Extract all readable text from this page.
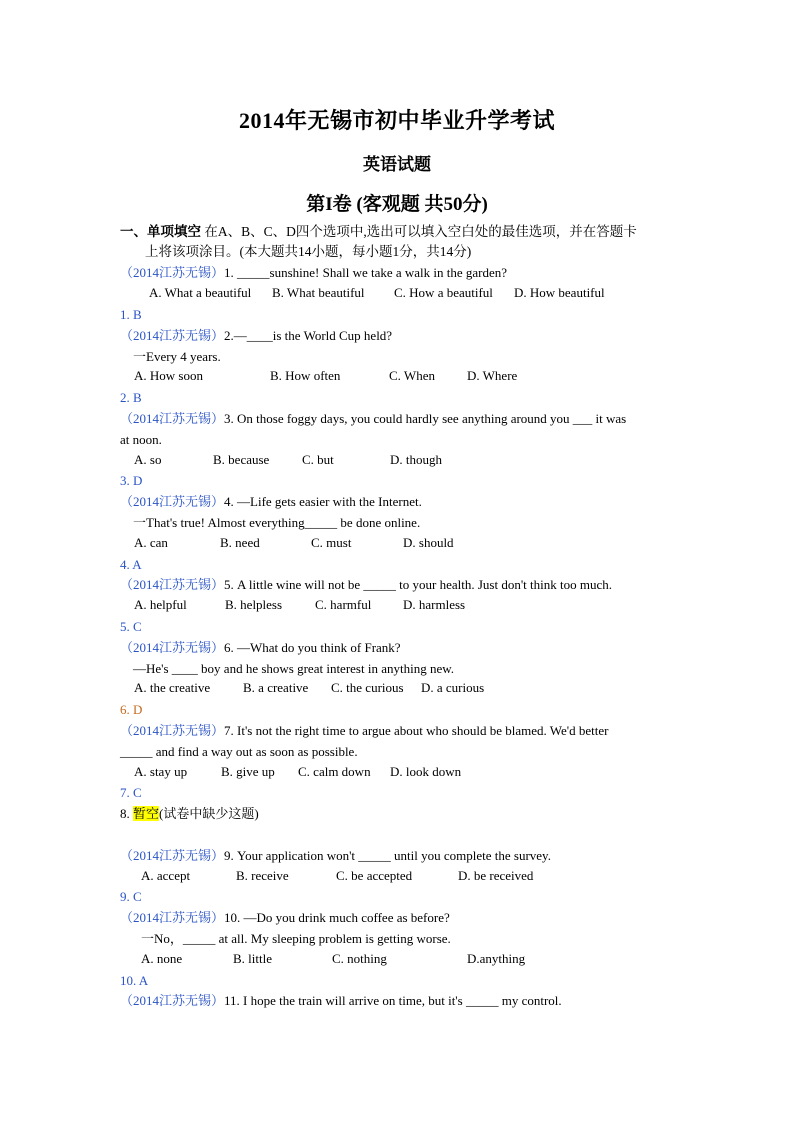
2014年无锡市初中毕业升学考试
英语试题
第I卷 (客观题 共50分)
一、单项填空 在A、B、C、D四个选项中,选出可以填入空白处的最佳选项，并在答题卡
上将该项涂目。(本大题共14小题，每小题1分，共14分)
（2014江苏无锡）1. _____sunshine! Shall we take a walk in the garden?
A. What a beautiful B. What beautiful C. How a beautiful D. How beautiful
1. B
（2014江苏无锡）2.—____is the World Cup held?
一Every 4 years.
A. How soon	B. How often	C. When D. Where
2. B
（2014江苏无锡）3. On those foggy days, you could hardly see anything around you ___ it was
at noon.
A. so	B. because	C. but	D. though
3. D
（2014江苏无锡）4. —Life gets easier with the Internet.
一That's true! Almost everything_____ be done online.
A. can	B. need	C. must	D. should
4. A
（2014江苏无锡）5. A little wine will not be _____ to your health. Just don't think too much.
A. helpful	B. helpless	C. harmful D. harmless
5. C
（2014江苏无锡）6. —What do you think of Frank?
—He's ____ boy and he shows great interest in anything new.
A. the creative	B. a creative C. the curious D. a curious
6. D
（2014江苏无锡）7. It's not the right time to argue about who should be blamed. We'd better
_____ and find a way out as soon as possible.
A. stay up	B. give up C. calm down D. look down
7. C
8. 暂空(试卷中缺少这题)
（2014江苏无锡）9. Your application won't _____ until you complete the survey.
A. accept	B. receive	C. be accepted	D. be received
9. C
（2014江苏无锡）10. —Do you drink much coffee as before?
一No，_____ at all. My sleeping problem is getting worse.
A. none	B. little	C. nothing	D.anything
10. A
（2014江苏无锡）11. I hope the train will arrive on time, but it's _____ my control.
